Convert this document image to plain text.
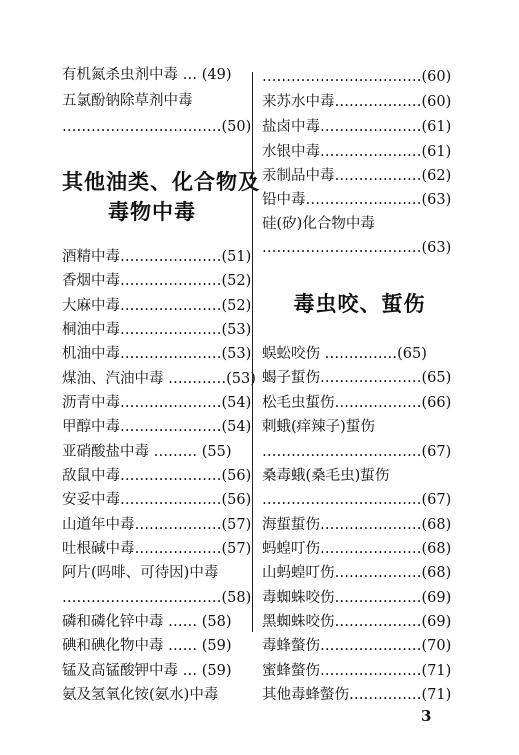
有机氮杀虫剂中毒 … (49)
五氯酚钠除草剂中毒
……………………………(50)
其他油类、化合物及
毒物中毒
酒精中毒…………………(51)
香烟中毒…………………(52)
大麻中毒…………………(52)
桐油中毒…………………(53)
机油中毒…………………(53)
煤油、汽油中毒 …………(53)
沥青中毒…………………(54)
甲醇中毒…………………(54)
亚硝酸盐中毒 ……… (55)
敌鼠中毒…………………(56)
安妥中毒…………………(56)
山道年中毒………………(57)
吐根碱中毒………………(57)
阿片(吗啡、可待因)中毒
……………………………(58)
磷和磷化锌中毒 …… (58)
碘和碘化物中毒 …… (59)
锰及高锰酸钾中毒 … (59)
氨及氢氧化铵(氨水)中毒
……………………………(60)
来苏水中毒………………(60)
盐卤中毒…………………(61)
水银中毒…………………(61)
汞制品中毒………………(62)
铅中毒……………………(63)
硅(矽)化合物中毒
……………………………(63)
毒虫咬、蜇伤
蜈蚣咬伤 ……………(65)
蝎子蜇伤…………………(65)
松毛虫蜇伤………………(66)
刺蛾(痒辣子)蜇伤
……………………………(67)
桑毒蛾(桑毛虫)蜇伤
……………………………(67)
海蜇蜇伤…………………(68)
蚂蝗叮伤…………………(68)
山蚂蝗叮伤………………(68)
毒蜘蛛咬伤………………(69)
黑蜘蛛咬伤………………(69)
毒蜂螫伤…………………(70)
蜜蜂螫伤…………………(71)
其他毒蜂螫伤……………(71)
3
